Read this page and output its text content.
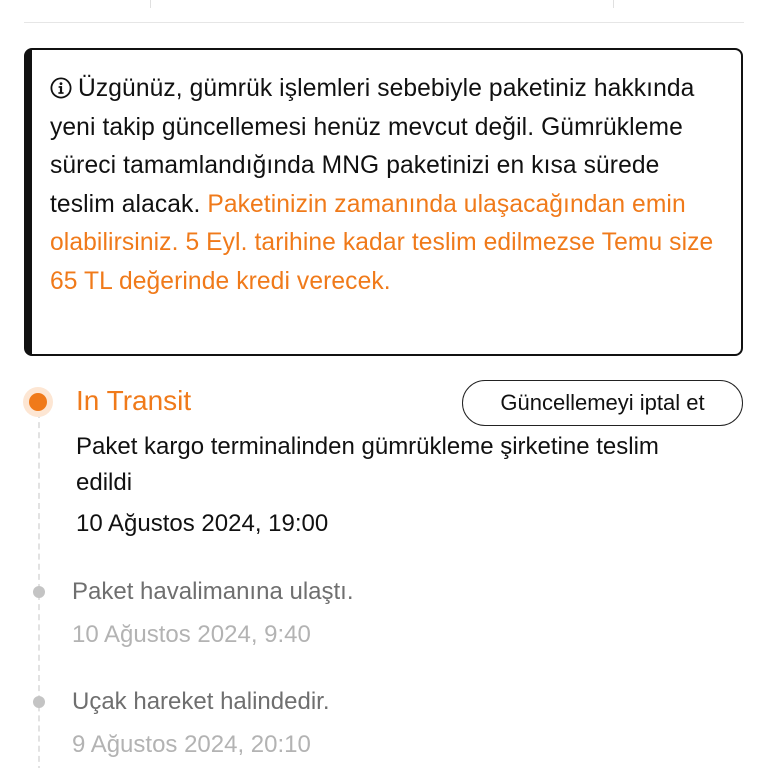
Üzgünüz, gümrük işlemleri sebebiyle paketiniz hakkında yeni takip güncellemesi henüz mevcut değil. Gümrükleme süreci tamamlandığında MNG paketinizi en kısa sürede teslim alacak. Paketinizin zamanında ulaşacağından emin olabilirsiniz. 5 Eyl. tarihine kadar teslim edilmezse Temu size 65 TL değerinde kredi verecek.

In Transit	Güncellemeyi iptal et

Paket kargo terminalinden gümrükleme şirketine teslim edildi

10 Ağustos 2024, 19:00
Paket havalimanına ulaştı.
10 Ağustos 2024, 9:40
Uçak hareket halindedir.
9 Ağustos 2024, 20:10
